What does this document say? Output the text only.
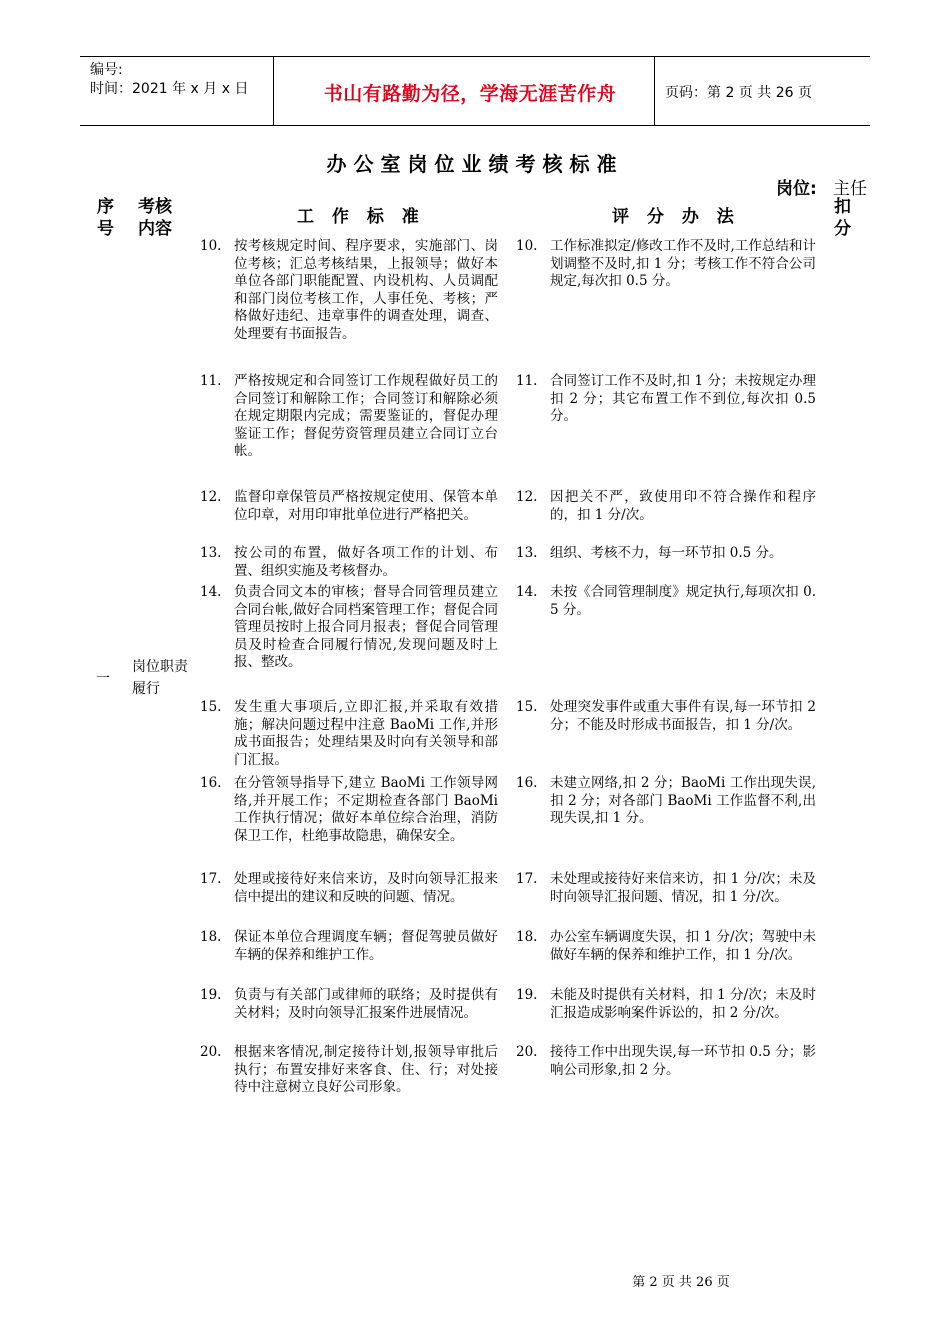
编号:
时间：2021 年 x 月 x 日	书山有路勤为径，学海无涯苦作舟	页码：第 2 页 共 26 页
办公室岗位业绩考核标准
岗位: 主任
序号
考核内容
工 作 标 准	评 分 办 法	扣分
一
岗位职责履行
10. 按考核规定时间、程序要求，实施部门、岗位考核；汇总考核结果，上报领导；做好本单位各部门职能配置、内设机构、人员调配和部门岗位考核工作，人事任免、考核；严格做好违纪、违章事件的调查处理，调查、处理要有书面报告。
10. 工作标准拟定/修改工作不及时,工作总结和计划调整不及时,扣 1 分；考核工作不符合公司规定,每次扣 0.5 分。
11. 严格按规定和合同签订工作规程做好员工的合同签订和解除工作；合同签订和解除必须在规定期限内完成；需要鉴证的，督促办理鉴证工作；督促劳资管理员建立合同订立台帐。
11. 合同签订工作不及时,扣 1 分；未按规定办理扣 2 分；其它布置工作不到位,每次扣 0.5 分。
12. 监督印章保管员严格按规定使用、保管本单位印章，对用印审批单位进行严格把关。
12. 因把关不严，致使用印不符合操作和程序的，扣 1 分/次。
13. 按公司的布置，做好各项工作的计划、布置、组织实施及考核督办。
13. 组织、考核不力，每一环节扣 0.5 分。
14. 负责合同文本的审核；督导合同管理员建立合同台帐,做好合同档案管理工作；督促合同管理员按时上报合同月报表；督促合同管理员及时检查合同履行情况,发现问题及时上报、整改。
14. 未按《合同管理制度》规定执行,每项次扣 0.5 分。
15. 发生重大事项后,立即汇报,并采取有效措施；解决问题过程中注意 BaoMi 工作,并形成书面报告；处理结果及时向有关领导和部门汇报。
15. 处理突发事件或重大事件有误,每一环节扣 2 分；不能及时形成书面报告，扣 1 分/次。
16. 在分管领导指导下,建立 BaoMi 工作领导网络,并开展工作；不定期检查各部门 BaoMi 工作执行情况；做好本单位综合治理，消防保卫工作，杜绝事故隐患，确保安全。
16. 未建立网络,扣 2 分；BaoMi 工作出现失误,扣 2 分；对各部门 BaoMi 工作监督不利,出现失误,扣 1 分。
17. 处理或接待好来信来访，及时向领导汇报来信中提出的建议和反映的问题、情况。
17. 未处理或接待好来信来访，扣 1 分/次；未及时向领导汇报问题、情况，扣 1 分/次。
18. 保证本单位合理调度车辆；督促驾驶员做好车辆的保养和维护工作。
18. 办公室车辆调度失误，扣 1 分/次；驾驶中未做好车辆的保养和维护工作，扣 1 分/次。
19. 负责与有关部门或律师的联络；及时提供有关材料；及时向领导汇报案件进展情况。
19. 未能及时提供有关材料，扣 1 分/次；未及时汇报造成影响案件诉讼的，扣 2 分/次。
20. 根据来客情况,制定接待计划,报领导审批后执行；布置安排好来客食、住、行；对处接待中注意树立良好公司形象。
20. 接待工作中出现失误,每一环节扣 0.5 分；影响公司形象,扣 2 分。
第 2 页 共 26 页
